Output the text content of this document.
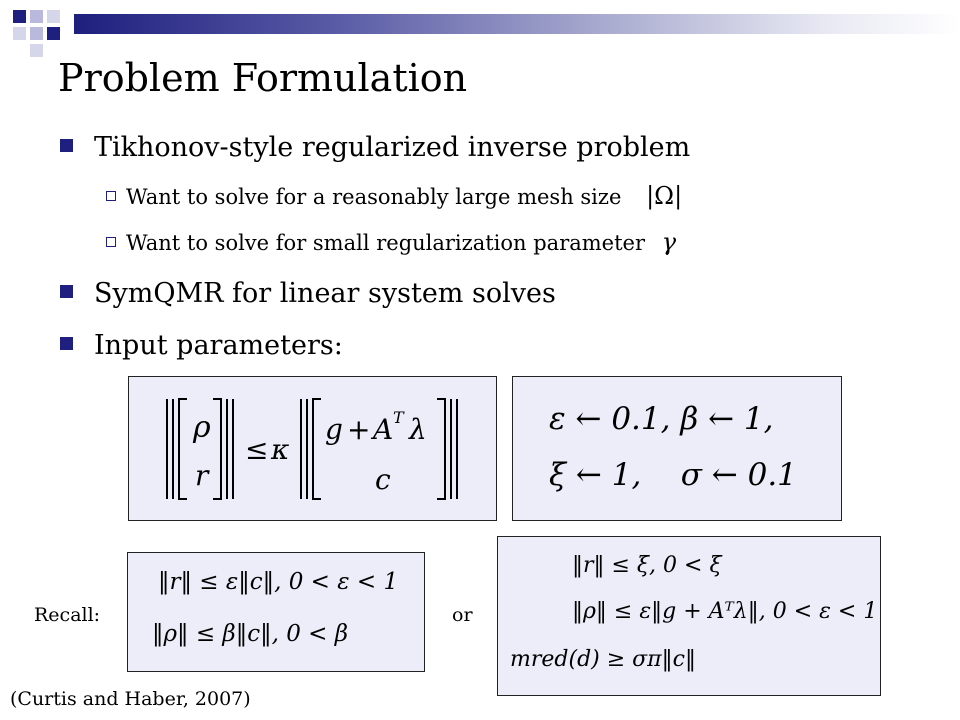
Problem Formulation
Tikhonov-style regularized inverse problem
Want to solve for a reasonably large mesh size |Ω|
Want to solve for small regularization parameter γ
SymQMR for linear system solves
Input parameters:
ρ
r
≤ κ
g + A T λ
c
ε ← 0.1, β ← 1,
ξ ← 1,    σ ← 0.1
Recall:
‖r‖ ≤ ε‖c‖, 0 < ε < 1
‖ρ‖ ≤ β‖c‖, 0 < β
or
‖r‖ ≤ ξ, 0 < ξ
‖ρ‖ ≤ ε‖g + Aᵀλ‖, 0 < ε < 1
mred(d) ≥ σπ‖c‖
(Curtis and Haber, 2007)
